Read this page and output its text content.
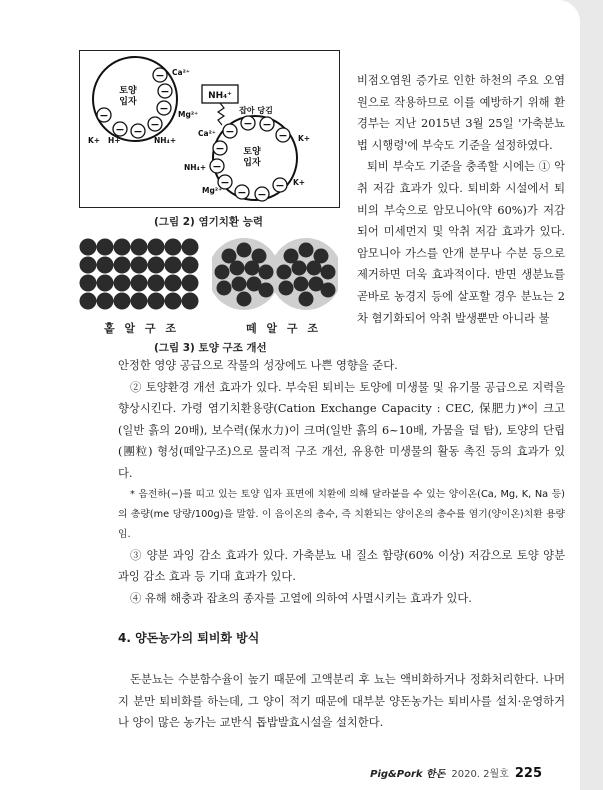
−
−
−
−
−
−
−
−
− −
−
−
−
−
− −
−
토양 입자
토양 입자
NH₄⁺
잡아 당김
Ca²⁺
Mg²⁺
K+ H+	NH₄+
Ca²⁺
K+
NH₄+
K+
Mg²⁺
(그림 2) 염기치환 능력
홑 알 구 조	떼 알 구 조
(그림 3) 토양 구조 개선

비점오염원 증가로 인한 하천의 주요 오염원으로 작용하므로 이를 예방하기 위해 환경부는 지난 2015년 3월 25일 '가축분뇨법 시행령'에 부숙도 기준을 설정하였다.

퇴비 부숙도 기준을 충족할 시에는 ① 악취 저감 효과가 있다. 퇴비화 시설에서 퇴비의 부숙으로 암모니아(약 60%)가 저감되어 미세먼지 및 악취 저감 효과가 있다. 암모니아 가스를 안개 분무나 수분 등으로 제거하면 더욱 효과적이다. 반면 생분뇨를 곧바로 농경지 등에 살포할 경우 분뇨는 2차 혐기화되어 악취 발생뿐만 아니라 불

안정한 영양 공급으로 작물의 성장에도 나쁜 영향을 준다.

② 토양환경 개선 효과가 있다. 부숙된 퇴비는 토양에 미생물 및 유기물 공급으로 지력을 향상시킨다. 가령 염기치환용량(Cation Exchange Capacity : CEC, 保肥力)*이 크고(일반 흙의 20배), 보수력(保水力)이 크며(일반 흙의 6~10배, 가뭄을 덜 탐), 토양의 단립(團粒) 형성(떼알구조)으로 물리적 구조 개선, 유용한 미생물의 활동 촉진 등의 효과가 있다.

* 음전하(−)를 띠고 있는 토양 입자 표면에 치환에 의해 달라붙을 수 있는 양이온(Ca, Mg, K, Na 등)의 총량(me 당량/100g)을 말함. 이 음이온의 총수, 즉 치환되는 양이온의 총수를 염기(양이온)치환 용량임.

③ 양분 과잉 감소 효과가 있다. 가축분뇨 내 질소 함량(60% 이상) 저감으로 토양 양분 과잉 감소 효과 등 기대 효과가 있다.

④ 유해 해충과 잡초의 종자를 고열에 의하여 사멸시키는 효과가 있다.

4. 양돈농가의 퇴비화 방식

돈분뇨는 수분함수율이 높기 때문에 고액분리 후 뇨는 액비화하거나 정화처리한다. 나머지 분만 퇴비화를 하는데, 그 양이 적기 때문에 대부분 양돈농가는 퇴비사를 설치·운영하거나 양이 많은 농가는 교반식 톱밥발효시설을 설치한다.

Pig&Pork 한돈 2020. 2월호 225
